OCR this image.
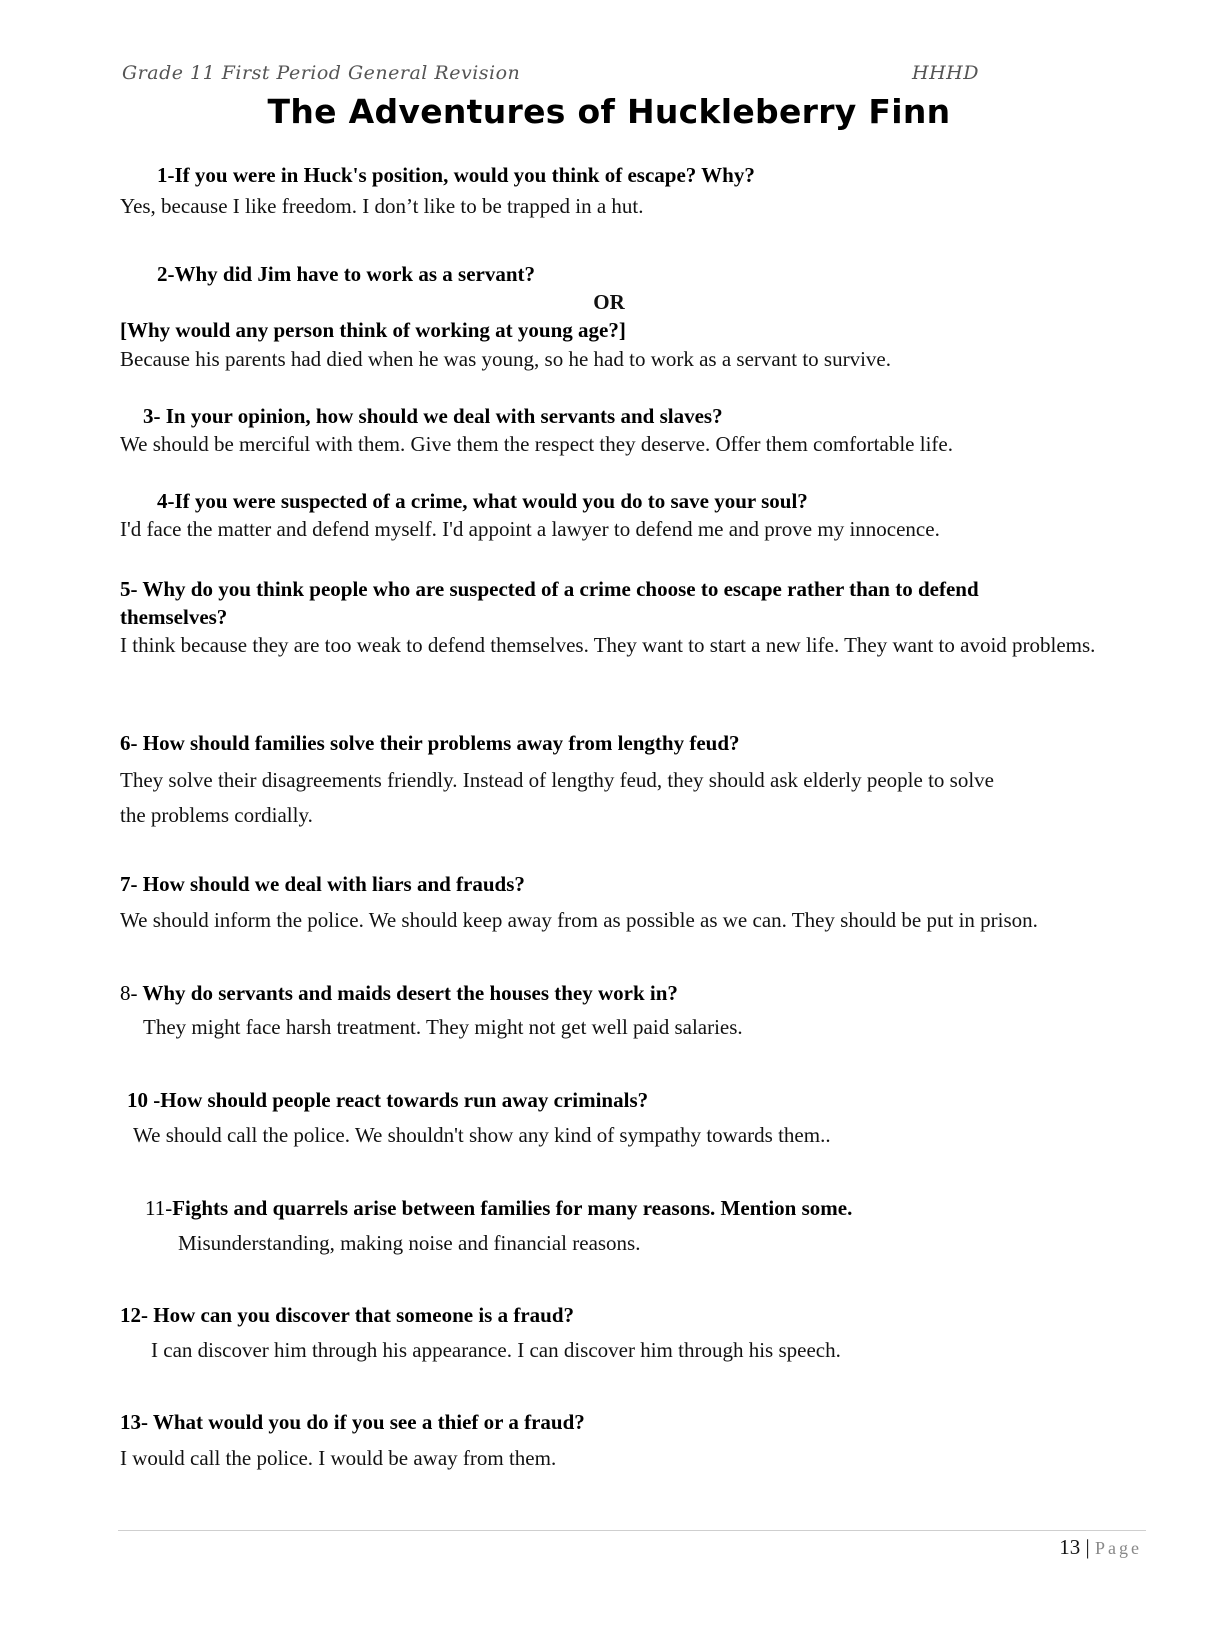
Grade 11 First Period General Revision	HHHD
The Adventures of Huckleberry Finn
1-If you were in Huck's position, would you think of escape? Why?
Yes, because I like freedom. I don’t like to be trapped in a hut.
2-Why did Jim have to work as a servant?
OR
[Why would any person think of working at young age?]
Because his parents had died when he was young, so he had to work as a servant to survive.
3- In your opinion, how should we deal with servants and slaves?
We should be merciful with them. Give them the respect they deserve. Offer them comfortable life.
4-If you were suspected of a crime, what would you do to save your soul?
I'd face the matter and defend myself. I'd appoint a lawyer to defend me and prove my innocence.
5- Why do you think people who are suspected of a crime choose to escape rather than to defend themselves?
I think because they are too weak to defend themselves. They want to start a new life. They want to avoid problems.
6- How should families solve their problems away from lengthy feud?
They solve their disagreements friendly. Instead of lengthy feud, they should ask elderly people to solve
the problems cordially.
7- How should we deal with liars and frauds?
We should inform the police. We should keep away from as possible as we can. They should be put in prison.
8- Why do servants and maids desert the houses they work in?
They might face harsh treatment. They might not get well paid salaries.
10 -How should people react towards run away criminals?
We should call the police. We shouldn't show any kind of sympathy towards them..
11-Fights and quarrels arise between families for many reasons. Mention some.
Misunderstanding, making noise and financial reasons.
12- How can you discover that someone is a fraud?
I can discover him through his appearance. I can discover him through his speech.
13- What would you do if you see a thief or a fraud?
I would call the police. I would be away from them.
13 | Page
